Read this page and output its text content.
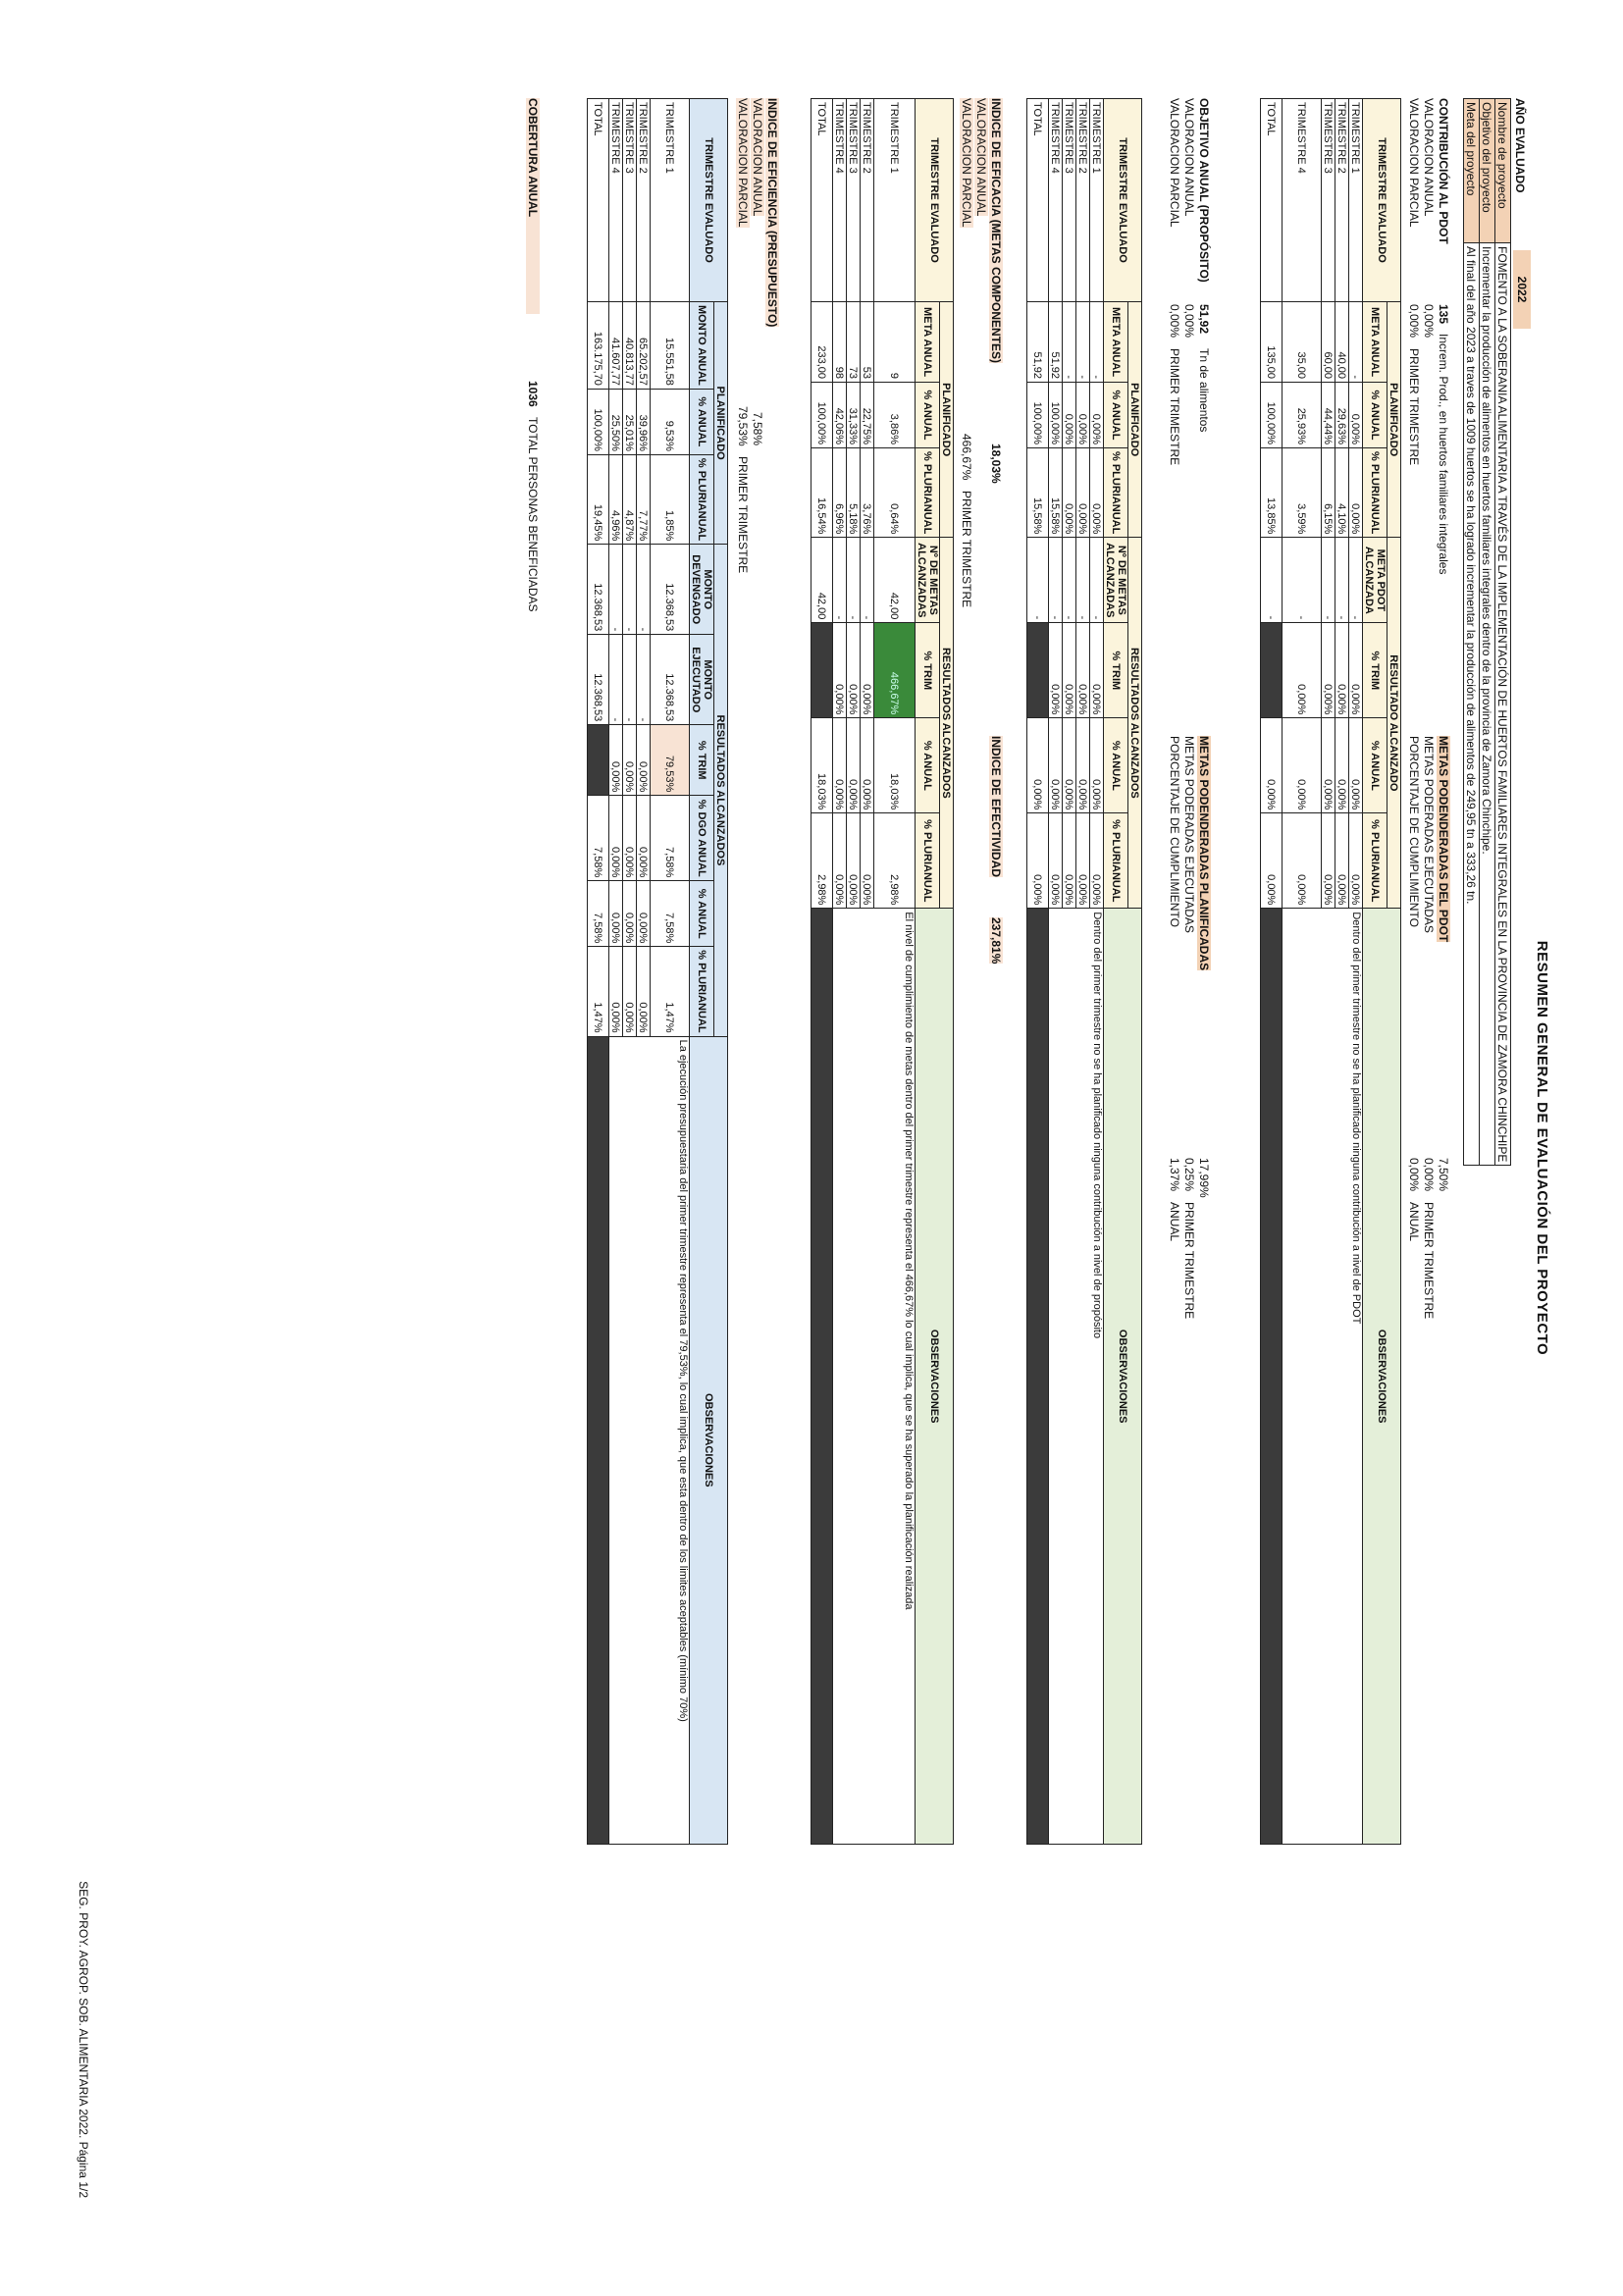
RESUMEN GENERAL DE EVALUACIÓN DEL PROYECTO
AÑO EVALUADO
2022
Nombre de proyecto	FOMENTO A LA SOBERANIA ALIMENTARIA A TRAVÉS DE LA IMPLEMENTACIÓN DE HUERTOS FAMILIARES INTEGRALES EN LA PROVINCIA DE ZAMORA CHINCHIPE
Objetivo del proyecto	Incrementar la producción de alimentos en huertos familiares integrales dentro de la provincia de Zamora Chinchipe.
Meta del proyecto	Al final del año 2023 a traves de 1009 huertos se ha logrado incrementar la producción de alimentos de 249,95 tn a 333,26 tn.
CONTRIBUCIÓN AL PDOT
135
Increm. Prod., en huertos familiares integrales
VALORACION ANUAL
0,00%
VALORACION PARCIAL
0,00%
PRIMER TRIMESTRE
METAS PODENDERADAS DEL PDOT
7,50%
METAS PODERADAS EJECUTADAS
0,00%
PRIMER TRIMESTRE
PORCENTAJE DE CUMPLIMIENTO
0,00%
ANUAL
TRIMESTRE EVALUADO	PLANIFICADO			RESULTADO ALCANZADO				OBSERVACIONES
	META ANUAL	% ANUAL	% PLURIANUAL	META PDOT ALCANZADA	% TRIM	% ANUAL	% PLURIANUAL	
TRIMESTRE 1	-	0,00%	0,00%	-	0,00%	0,00%	0,00%	Dentro del primer trimestre no se ha planificado ninguna contribución a nivel de PDOT
TRIMESTRE 2	40,00	29,63%	4,10%	-	0,00%	0,00%	0,00%	
TRIMESTRE 3	60,00	44,44%	6,15%	-	0,00%	0,00%	0,00%	
TRIMESTRE 4	35,00	25,93%	3,59%	-	0,00%	0,00%	0,00%	
TOTAL	135,00	100,00%	13,85%	-		0,00%	0,00%	
OBJETIVO ANUAL (PROPÓSITO)
51,92
Tn de alimentos
VALORACION ANUAL
0,00%
VALORACION PARCIAL
0,00%
PRIMER TRIMESTRE
METAS PODENDERADAS PLANIFICADAS
17,99%
METAS PODERADAS EJECUTADAS
0,25%
PRIMER TRIMESTRE
PORCENTAJE DE CUMPLIMIENTO
1,37%
ANUAL
TRIMESTRE EVALUADO	PLANIFICADO			RESULTADOS ALCANZADOS				OBSERVACIONES
	META ANUAL	% ANUAL	% PLURIANUAL	Nº DE METAS ALCANZADAS	% TRIM	% ANUAL	% PLURIANUAL	
TRIMESTRE 1	-	0,00%	0,00%	-	0,00%	0,00%	0,00%	Dentro del primer trimestre no se ha planificado ninguna contribución a nivel de propósito
TRIMESTRE 2	-	0,00%	0,00%	-	0,00%	0,00%	0,00%	
TRIMESTRE 3	-	0,00%	0,00%	-	0,00%	0,00%	0,00%	
TRIMESTRE 4	51,92	100,00%	15,58%	-	0,00%	0,00%	0,00%	
TOTAL	51,92	100,00%	15,58%	-		0,00%	0,00%	
INDICE DE EFICACIA (METAS COMPONENTES)
18,03%
VALORACION ANUAL
VALORACION PARCIAL
466,67%
PRIMER TRIMESTRE
INDICE DE EFECTIVIDAD
237,81%
TRIMESTRE EVALUADO	PLANIFICADO			RESULTADOS ALCANZADOS				OBSERVACIONES
	META ANUAL	% ANUAL	% PLURIANUAL	Nº DE METAS ALCANZADAS	% TRIM	% ANUAL	% PLURIANUAL	
TRIMESTRE 1	9	3,86%	0,64%	42,00	466,67%	18,03%	2,98%	El nivel de cumplimiento de metas dentro del primer trimestre representa el 466,67% lo cual implica, que se ha superado la planificación realizada
TRIMESTRE 2	53	22,75%	3,76%	-	0,00%	0,00%	0,00%	
TRIMESTRE 3	73	31,33%	5,18%	-	0,00%	0,00%	0,00%	
TRIMESTRE 4	98	42,06%	6,96%	-	0,00%	0,00%	0,00%	
TOTAL	233,00	100,00%	16,54%	42,00		18,03%	2,98%	
INDICE DE EFICIENCIA (PRESUPUESTO)
VALORACION ANUAL
7,58%
VALORACION PARCIAL
79,53%
PRIMER TRIMESTRE
TRIMESTRE EVALUADO	PLANIFICADO			RESULTADOS ALCANZADOS						OBSERVACIONES
	MONTO ANUAL	% ANUAL	% PLURIANUAL	MONTO DEVENGADO	MONTO EJECUTADO	% TRIM	% DGO ANUAL	% ANUAL	% PLURIANUAL	
TRIMESTRE 1	15.551,58	9,53%	1,85%	12.368,53	12.368,53	79,53%	7,58%	7,58%	1,47%	La ejecución presupuestaria del primer trimestre representa el 79,53%, lo cual implica, que esta dentro de los limites aceptables (mínimo 70%)
TRIMESTRE 2	65.202,57	39,96%	7,77%	-	-	0,00%	0,00%	0,00%	0,00%	
TRIMESTRE 3	40.813,77	25,01%	4,87%	-	-	0,00%	0,00%	0,00%	0,00%	
TRIMESTRE 4	41.607,77	25,50%	4,96%	-	-	0,00%	0,00%	0,00%	0,00%	
TOTAL	163.175,70	100,00%	19,45%	12.368,53	12.368,53		7,58%	7,58%	1,47%	
COBERTURA ANUAL
1036
TOTAL PERSONAS BENEFICIADAS
SEG. PROY. AGROP. SOB. ALIMENTARIA 2022. Página 1/2
